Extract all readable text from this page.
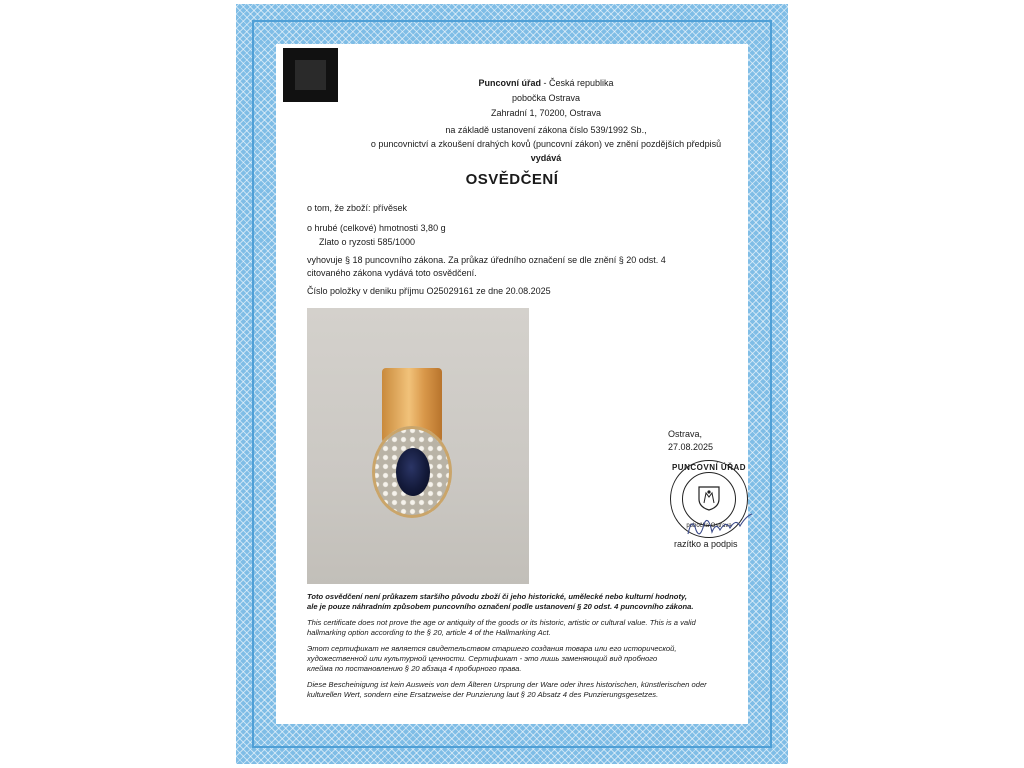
Puncovní úřad - Česká republika
pobočka Ostrava
Zahradní 1, 70200, Ostrava
na základě ustanovení zákona číslo 539/1992 Sb.,
o puncovnictví a zkoušení drahých kovů (puncovní zákon) ve znění pozdějších předpisů
vydává
OSVĚDČENÍ
o tom, že zboží: přívěsek
o hrubé (celkové) hmotnosti 3,80 g
Zlato o ryzosti 585/1000
vyhovuje § 18 puncovního zákona. Za průkaz úředního označení se dle znění § 20 odst. 4
citovaného zákona vydává toto osvědčení.
Číslo položky v deniku příjmu O25029161 ze dne 20.08.2025
Ostrava, 27.08.2025
PUNCOVNÍ ÚŘAD
pobočka Ostrava
razítko a podpis
Toto osvědčení není průkazem staršího původu zboží či jeho historické, umělecké nebo kulturní hodnoty,
ale je pouze náhradním způsobem puncovního označení podle ustanovení § 20 odst. 4 puncovního zákona.
This certificate does not prove the age or antiquity of the goods or its historic, artistic or cultural value. This is a valid
hallmarking option according to the § 20, article 4 of the Hallmarking Act.
Этот сертификат не является свидетельством старшего создания товара или его исторической,
художественной или культурной ценности. Сертификат - это лишь заменяющий вид пробного
клейма по постановлению § 20 абзаца 4 пробирного права.
Diese Bescheinigung ist kein Ausweis von dem Älteren Ursprung der Ware oder ihres historischen, künstlerischen oder
kulturellen Wert, sondern eine Ersatzweise der Punzierung laut § 20 Absatz 4 des Punzierungsgesetzes.
